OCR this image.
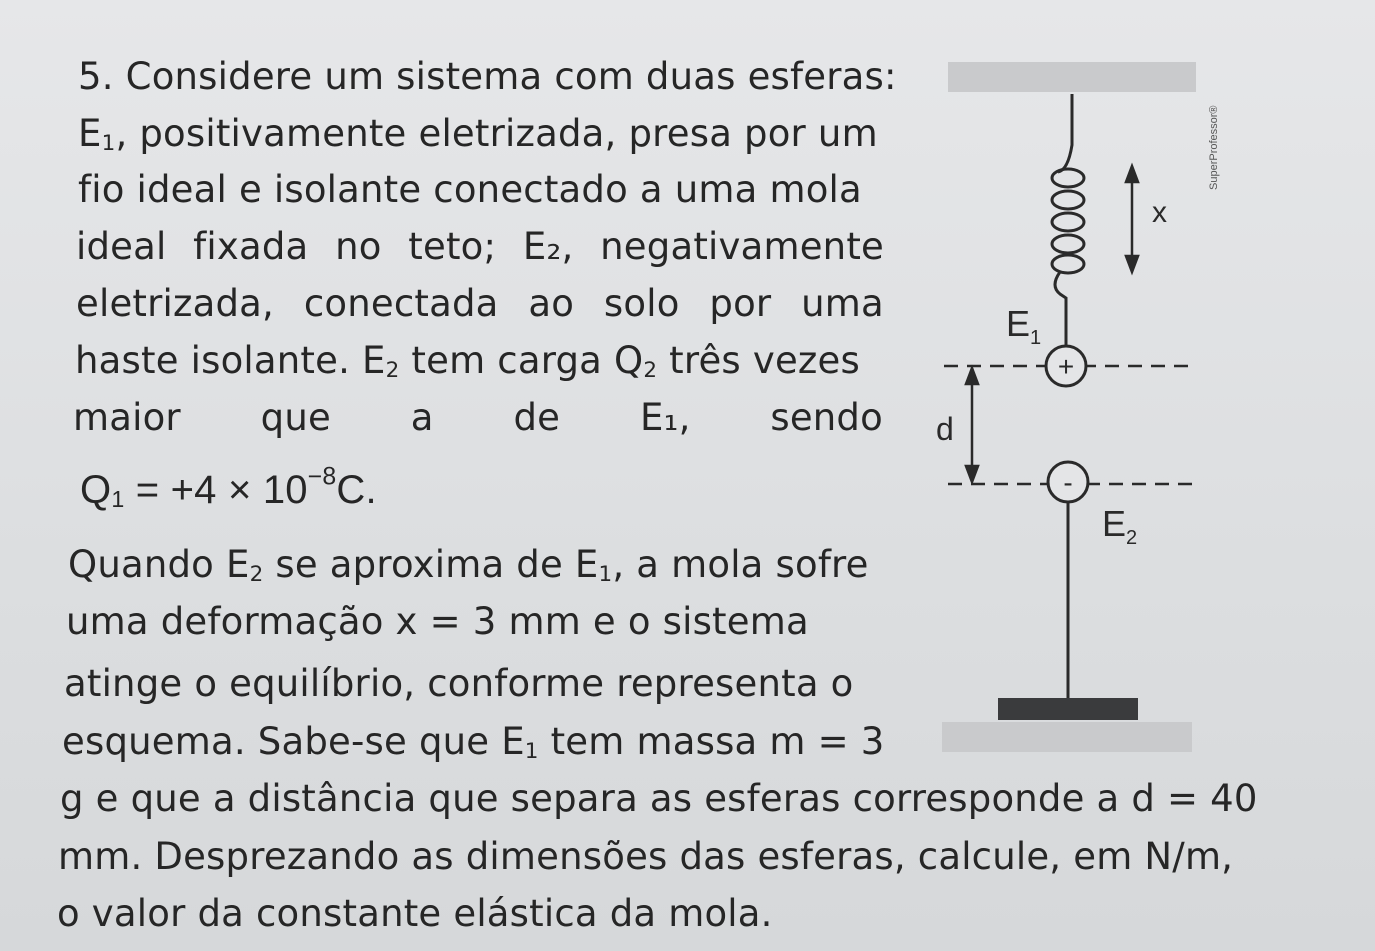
5. Considere um sistema com duas esferas:
$E_1$, positivamente eletrizada, presa por um
fio ideal e isolante conectado a uma mola
ideal fixada no teto; E₂, negativamente
eletrizada, conectada ao solo por uma
haste isolante. $E_2$ tem carga $Q_2$ três vezes
maior que a de E₁, sendo
$Q_1 = +4 \times 10^{-8}C$.
Quando $E_2$ se aproxima de $E_1$, a mola sofre
uma deformação x = 3 mm e o sistema
atinge o equilíbrio, conforme representa o
esquema. Sabe-se que $E_1$ tem massa m = 3
g e que a distância que separa as esferas corresponde a d = 40
mm. Desprezando as dimensões das esferas, calcule, em N/m,
o valor da constante elástica da mola.
x
$E_1$
+
d
-
$E_2$
SuperProfessor®
